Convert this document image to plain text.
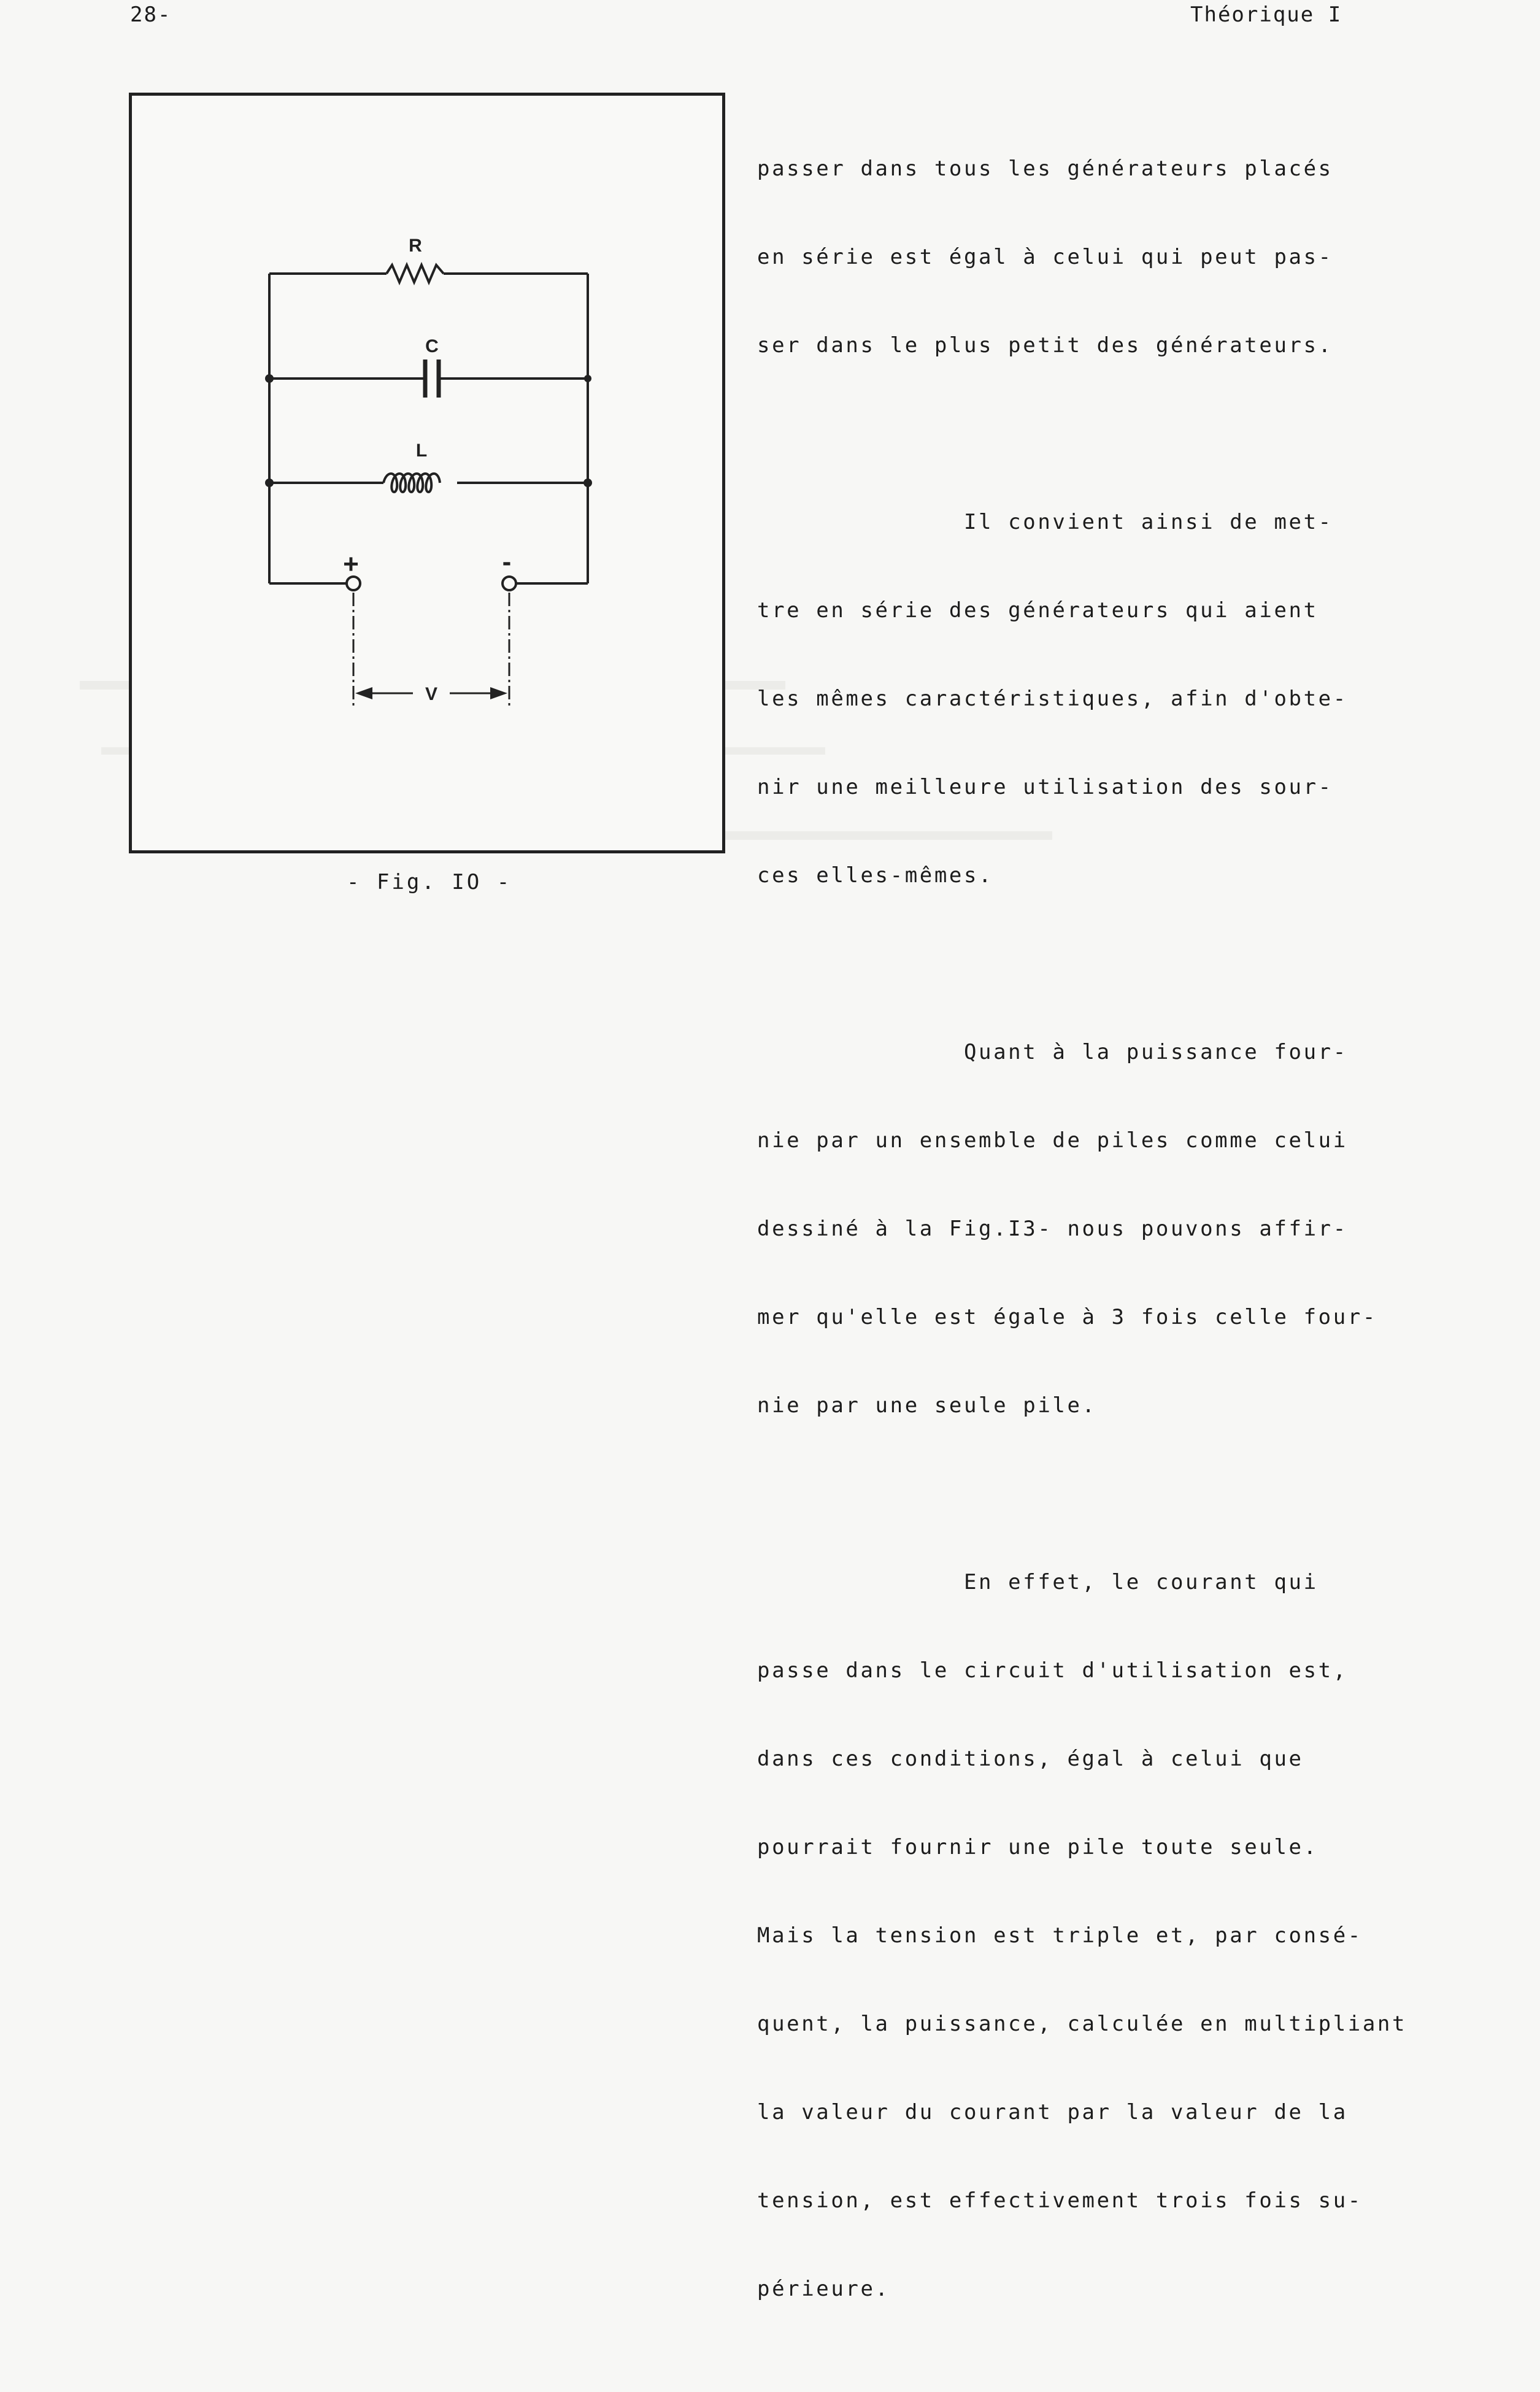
28-	Théorique I
R
C
L
+	-
V
- Fig. IO -

passer dans tous les générateurs placés

en série est égal à celui qui peut pas-

ser dans le plus petit des générateurs.

Il convient ainsi de met-

tre en série des générateurs qui aient

les mêmes caractéristiques, afin d'obte-

nir une meilleure utilisation des sour-

ces elles-mêmes.

Quant à la puissance four-

nie par un ensemble de piles comme celui

dessiné à la Fig.I3- nous pouvons affir-

mer qu'elle est égale à 3 fois celle four-

nie par une seule pile.

En effet, le courant qui

passe dans le circuit d'utilisation est,

dans ces conditions, égal à celui que

pourrait fournir une pile toute seule.

Mais la tension est triple et, par consé-

quent, la puissance, calculée en multipliant

la valeur du courant par la valeur de la

tension, est effectivement trois fois su-

périeure.
